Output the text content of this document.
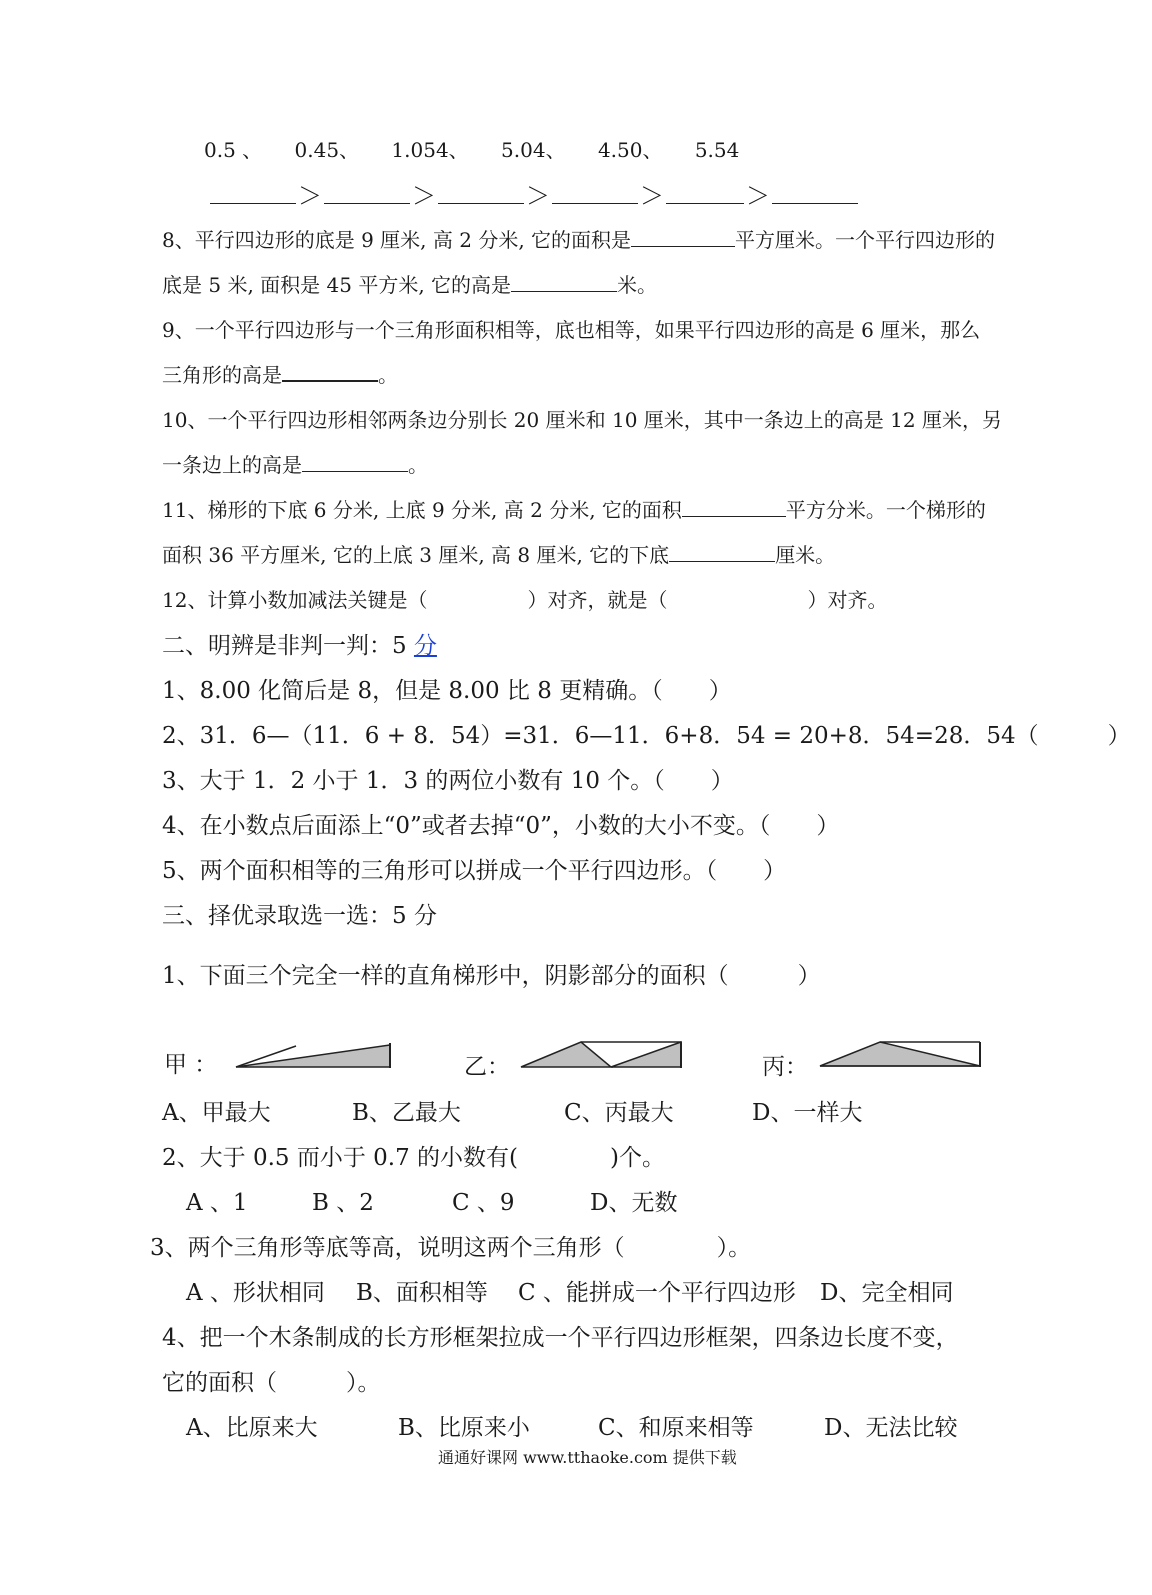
0.5 、 0.45、 1.054、 5.04、 4.50、 5.54
＞	＞	＞	＞	＞
8、平行四边形的底是 9 厘米, 高 2 分米, 它的面积是	平方厘米。一个平行四边形的
底是 5 米, 面积是 45 平方米, 它的高是	米。
9、一个平行四边形与一个三角形面积相等，底也相等，如果平行四边形的高是 6 厘米，那么
三角形的高是	。
10、一个平行四边形相邻两条边分别长 20 厘米和 10 厘米，其中一条边上的高是 12 厘米，另
一条边上的高是	。
11、梯形的下底 6 分米, 上底 9 分米, 高 2 分米, 它的面积	平方分米。一个梯形的
面积 36 平方厘米, 它的上底 3 厘米, 高 8 厘米, 它的下底	厘米。
12、计算小数加减法关键是（　　　　　）对齐，就是（　　　　　　　）对齐。
二、明辨是非判一判：5 分
1、8.00 化简后是 8，但是 8.00 比 8 更精确。（　　）
2、31．6—（11．6 + 8．54）=31．6—11．6+8．54 = 20+8．54=28．54（　　　）
3、大于 1．2 小于 1．3 的两位小数有 10 个。（　　）
4、在小数点后面添上“0”或者去掉“0”，小数的大小不变。（　　）
5、两个面积相等的三角形可以拼成一个平行四边形。（　　）
三、择优录取选一选：5 分
1、下面三个完全一样的直角梯形中，阴影部分的面积（　　　）
甲 ：	乙：	丙：
A、甲最大	B、乙最大	C、丙最大	D、一样大
2、大于 0.5 而小于 0.7 的小数有(　　　　)个。
A 、1	B 、2	C 、9	D、无数
3、两个三角形等底等高，说明这两个三角形（　　　　）。
A 、形状相同 B、面积相等 C 、能拼成一个平行四边形 D、完全相同
4、把一个木条制成的长方形框架拉成一个平行四边形框架，四条边长度不变，
它的面积（　　　）。
A、比原来大	B、比原来小	C、和原来相等	D、无法比较
通通好课网 www.tthaoke.com 提供下载
